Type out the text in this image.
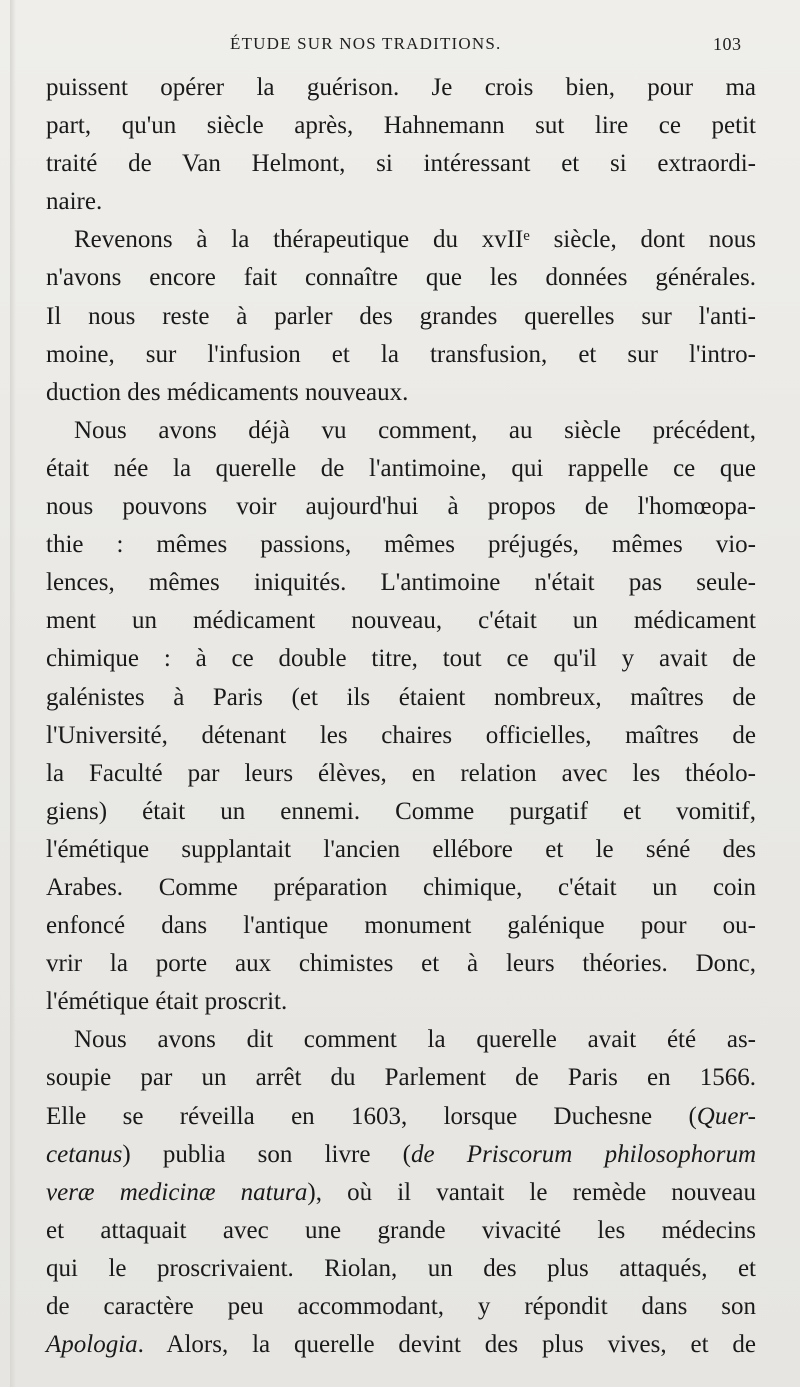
ÉTUDE SUR NOS TRADITIONS.	103
puissent opérer la guérison. Je crois bien, pour ma
part, qu'un siècle après, Hahnemann sut lire ce petit
traité de Van Helmont, si intéressant et si extraordi-
naire.
Revenons à la thérapeutique du xvIIᵉ siècle, dont nous
n'avons encore fait connaître que les données générales.
Il nous reste à parler des grandes querelles sur l'anti-
moine, sur l'infusion et la transfusion, et sur l'intro-
duction des médicaments nouveaux.
Nous avons déjà vu comment, au siècle précédent,
était née la querelle de l'antimoine, qui rappelle ce que
nous pouvons voir aujourd'hui à propos de l'homœopa-
thie : mêmes passions, mêmes préjugés, mêmes vio-
lences, mêmes iniquités. L'antimoine n'était pas seule-
ment un médicament nouveau, c'était un médicament
chimique : à ce double titre, tout ce qu'il y avait de
galénistes à Paris (et ils étaient nombreux, maîtres de
l'Université, détenant les chaires officielles, maîtres de
la Faculté par leurs élèves, en relation avec les théolo-
giens) était un ennemi. Comme purgatif et vomitif,
l'émétique supplantait l'ancien ellébore et le séné des
Arabes. Comme préparation chimique, c'était un coin
enfoncé dans l'antique monument galénique pour ou-
vrir la porte aux chimistes et à leurs théories. Donc,
l'émétique était proscrit.
Nous avons dit comment la querelle avait été as-
soupie par un arrêt du Parlement de Paris en 1566.
Elle se réveilla en 1603, lorsque Duchesne (Quer-
cetanus) publia son livre (de Priscorum philosophorum
veræ medicinæ natura), où il vantait le remède nouveau
et attaquait avec une grande vivacité les médecins
qui le proscrivaient. Riolan, un des plus attaqués, et
de caractère peu accommodant, y répondit dans son
Apologia. Alors, la querelle devint des plus vives, et de
